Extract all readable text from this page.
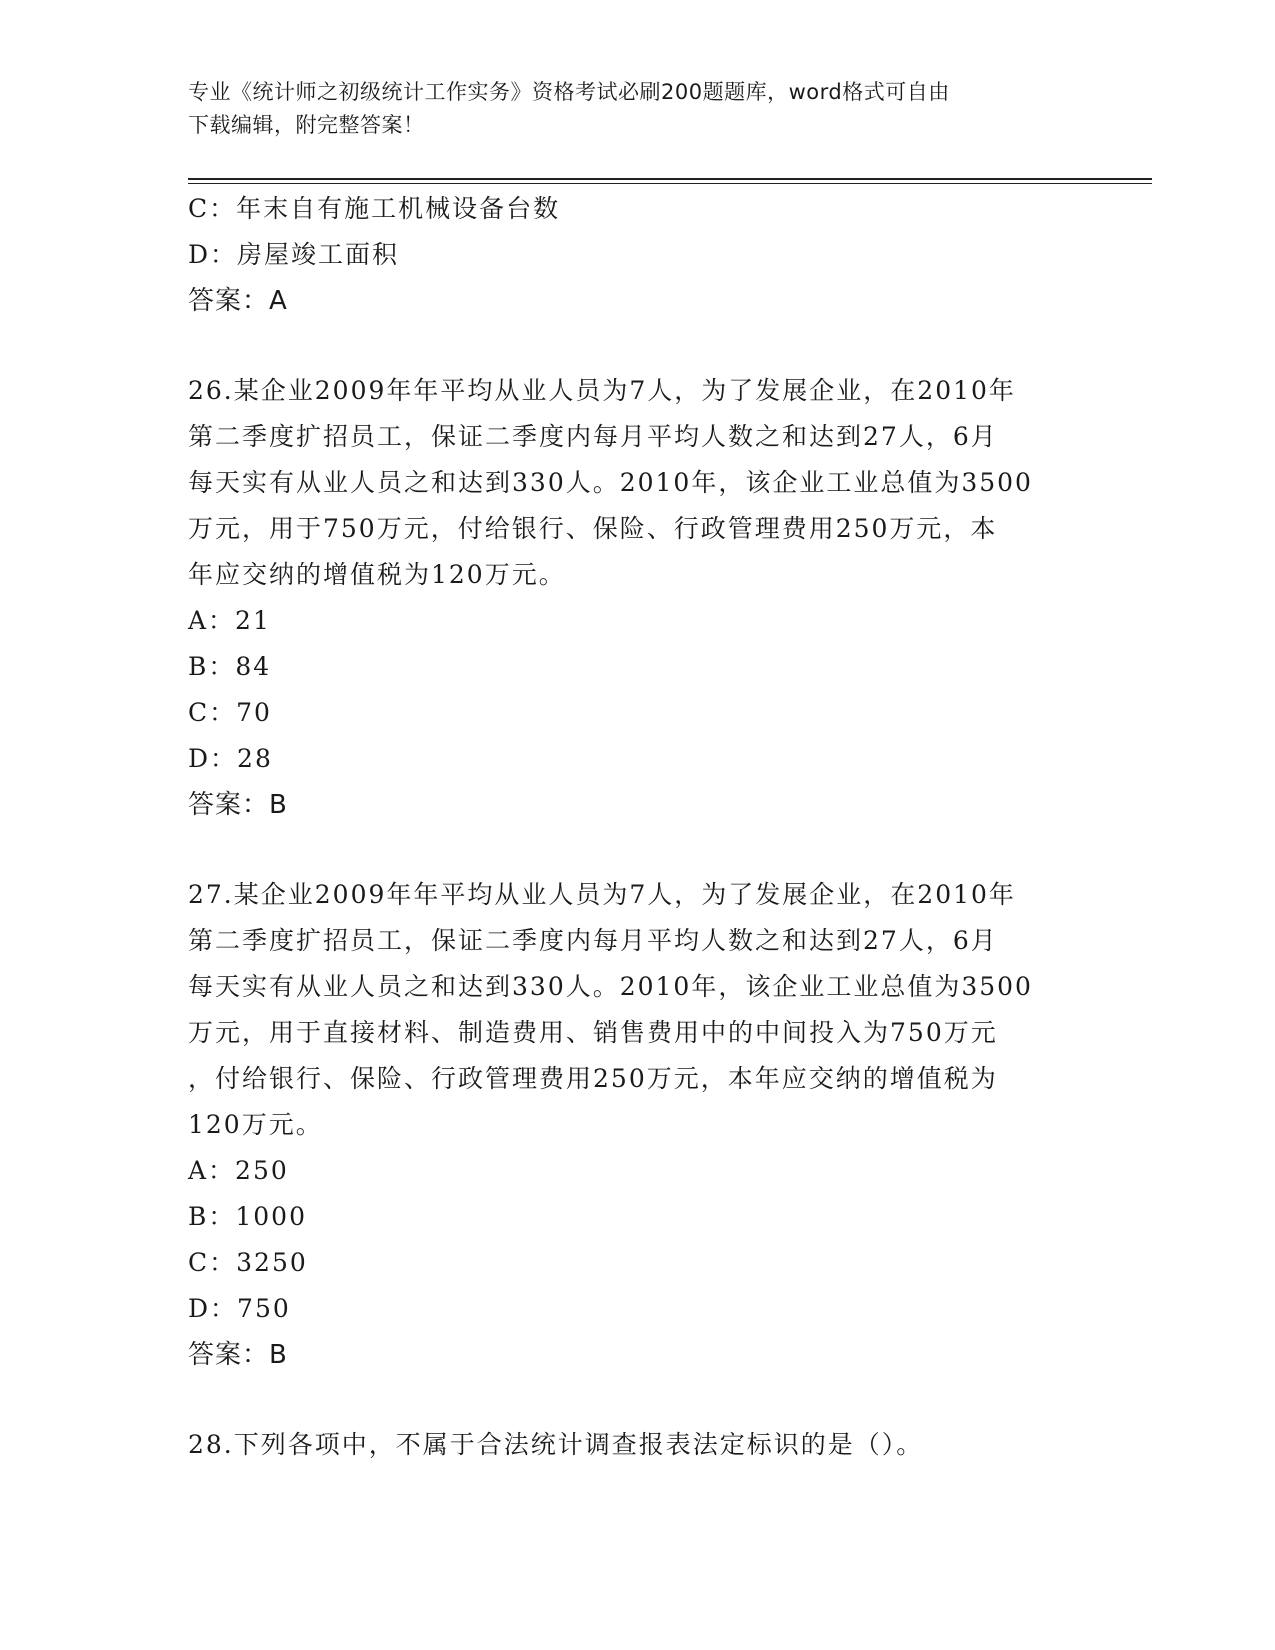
专业《统计师之初级统计工作实务》资格考试必刷200题题库，word格式可自由
下载编辑，附完整答案！
C：年末自有施工机械设备台数
D：房屋竣工面积
答案：A
26.某企业2009年年平均从业人员为7人，为了发展企业，在2010年
第二季度扩招员工，保证二季度内每月平均人数之和达到27人，6月
每天实有从业人员之和达到330人。2010年，该企业工业总值为3500
万元，用于750万元，付给银行、保险、行政管理费用250万元，本
年应交纳的增值税为120万元。
A：21
B：84
C：70
D：28
答案：B
27.某企业2009年年平均从业人员为7人，为了发展企业，在2010年
第二季度扩招员工，保证二季度内每月平均人数之和达到27人，6月
每天实有从业人员之和达到330人。2010年，该企业工业总值为3500
万元，用于直接材料、制造费用、销售费用中的中间投入为750万元
，付给银行、保险、行政管理费用250万元，本年应交纳的增值税为
120万元。
A：250
B：1000
C：3250
D：750
答案：B
28.下列各项中，不属于合法统计调查报表法定标识的是（）。
